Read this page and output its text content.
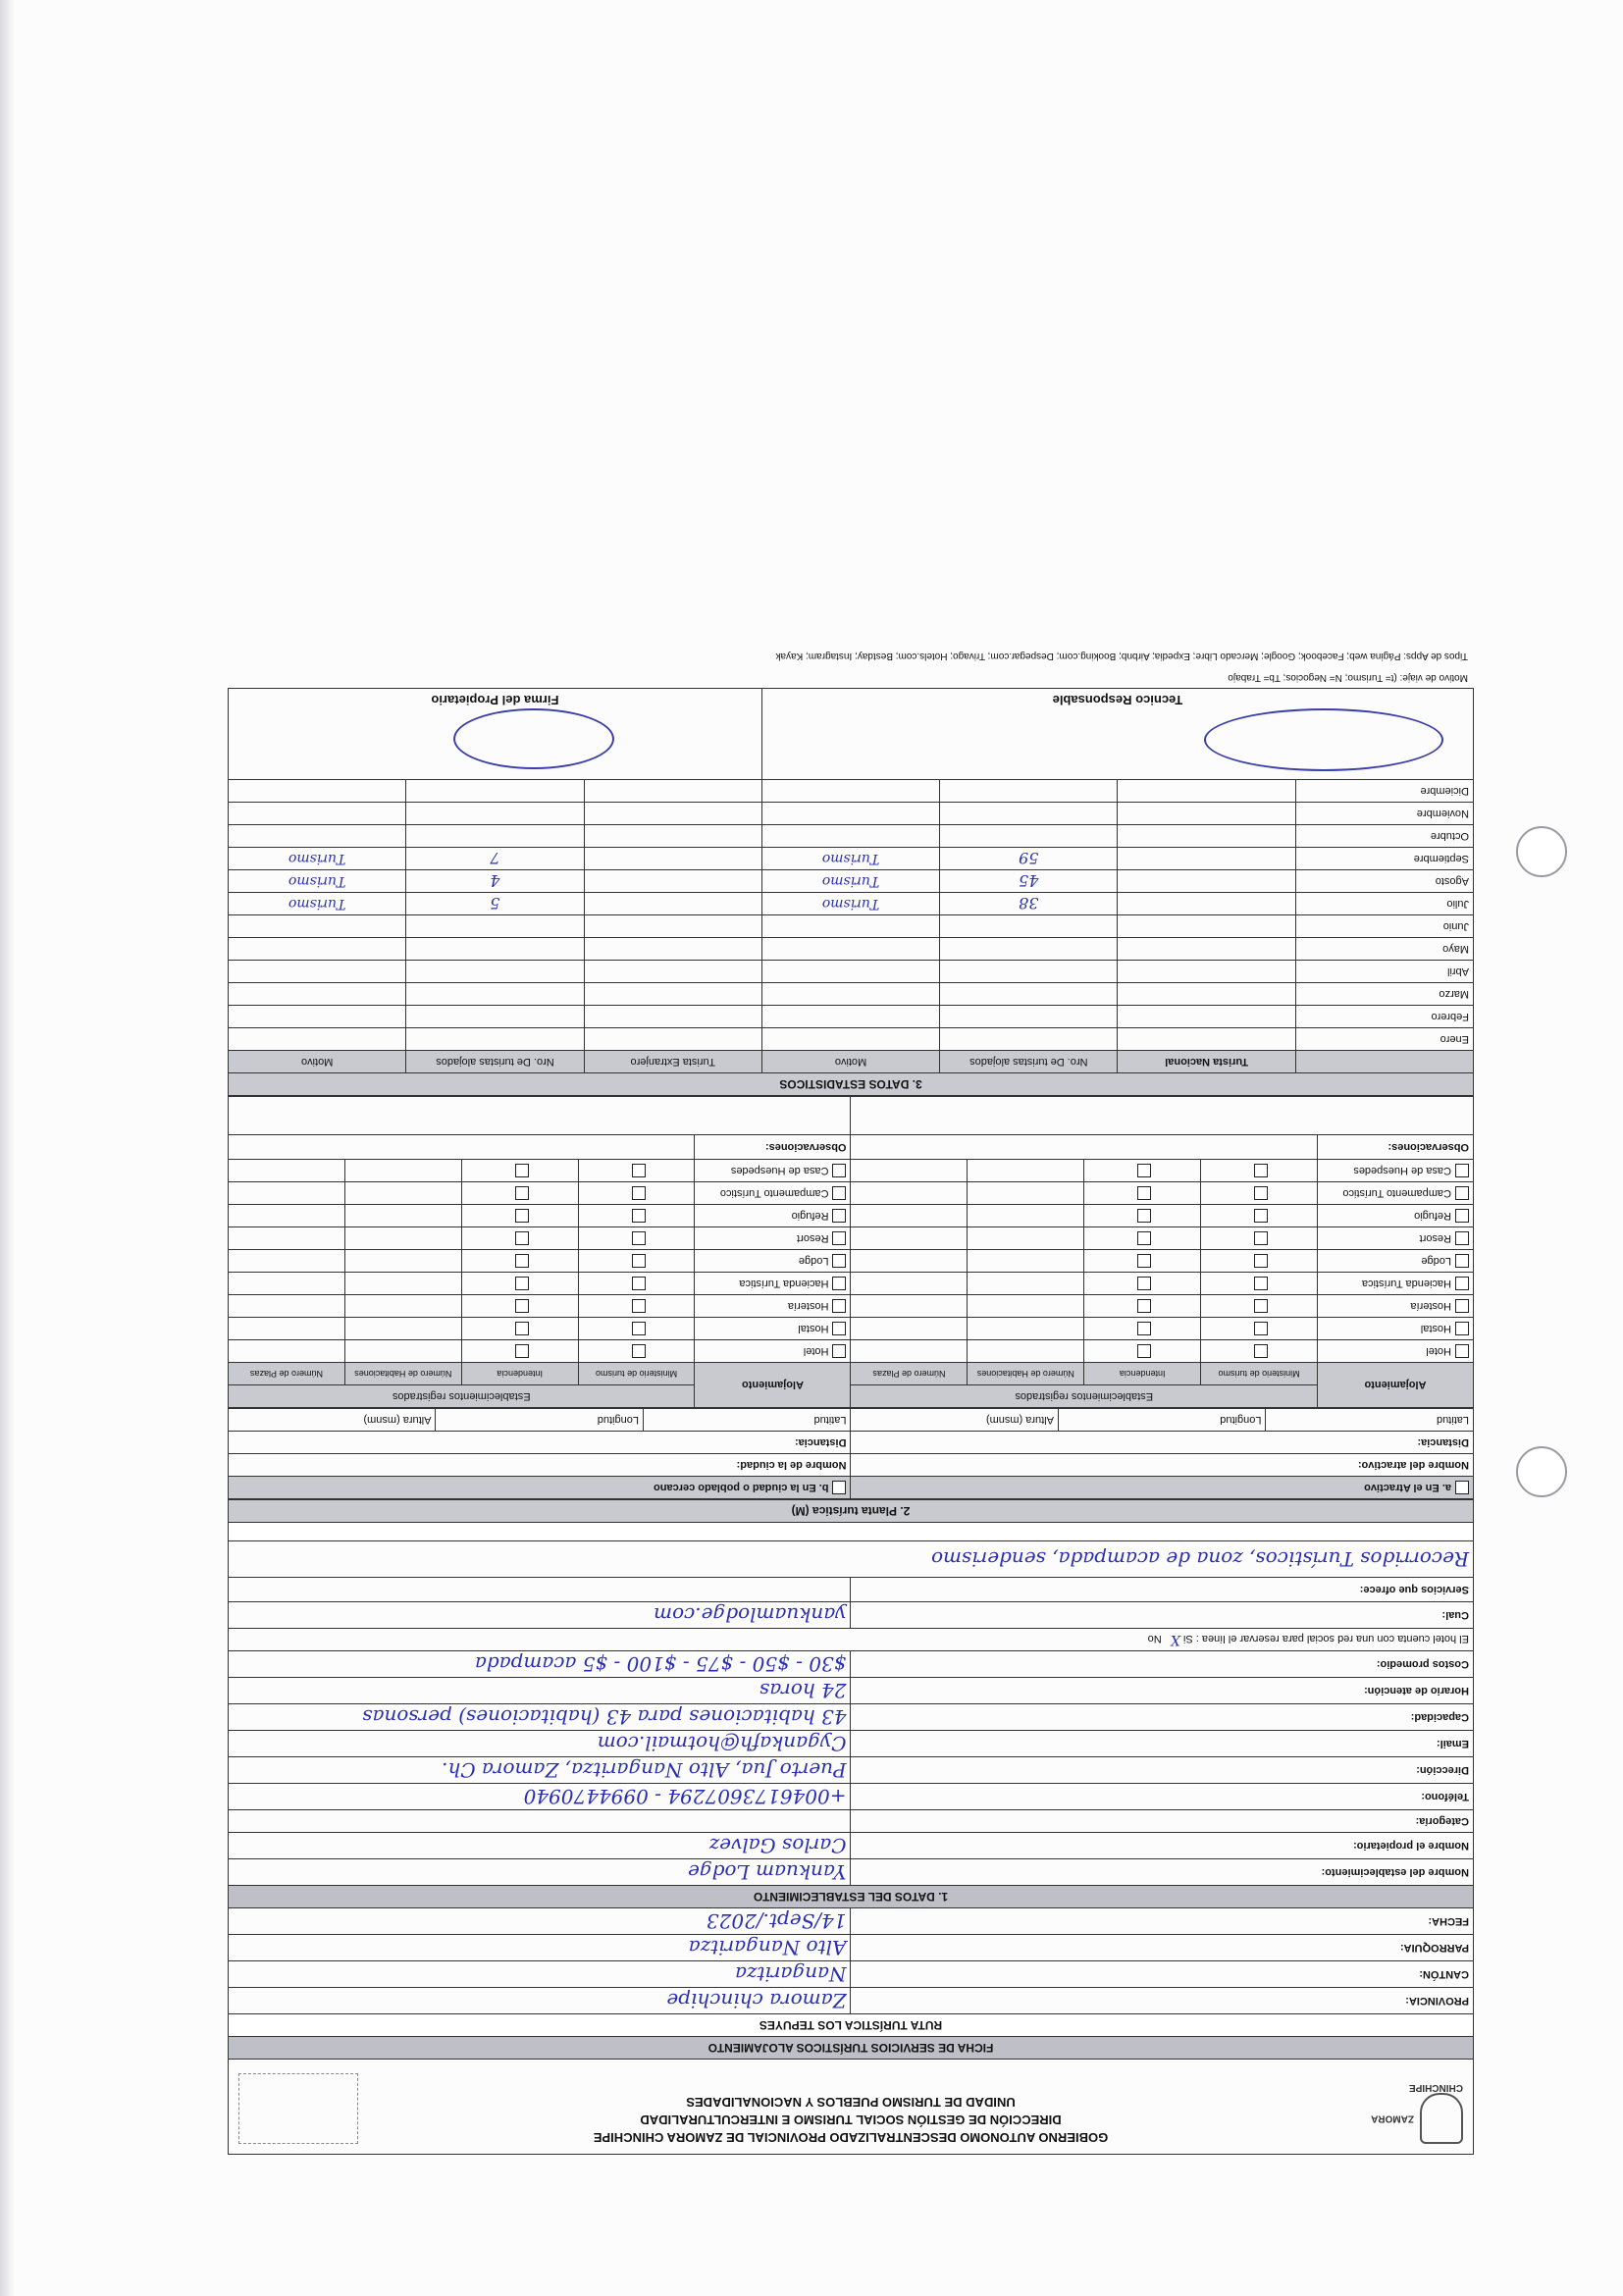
ZAMORA CHINCHIPE
GOBIERNO AUTONOMO DESCENTRALIZADO PROVINCIAL DE ZAMORA CHINCHIPE
DIRECCIÓN DE GESTIÓN SOCIAL TURISMO E INTERCULTURALIDAD
UNIDAD DE TURISMO PUEBLOS Y NACIONALIDADES
FICHA DE SERVICIOS TURÍSTICOS ALOJAMIENTO	
RUTA TURÍSTICA LOS TEPUYES	
PROVINCIA:	Zamora chinchipe
CANTÓN:	Nangaritza
PARROQUIA:	Alto Nangaritza
FECHA:	14/Sept./2023
1. DATOS DEL ESTABLECIMIENTO	
Nombre del establecimiento:	Yankuam Lodge
Nombre el propietario:	Carlos Galvez
Categoría:	
Teléfono:	+0046173607294 - 0994470940
Dirección:	Puerto Jua, Alto Nangaritza, Zamora Ch.
Email:	Cygankafh@hotmail.com
Capacidad:	43 habitaciones para 43 (habitaciones) personas
Horario de atención:	24 horas
Costos promedio:	$30 - $50 - $75 - $100 - $5 acampada
El hotel cuenta con una red social para reservar el línea : Si X   No	
Cual:	yankuamlodge.com
Servicios que ofrece:	
Recorridos Turísticos, zona de acampada, senderismo	

2. Planta turística (M)	
a. En el Atractivo			b. En la ciudad o poblado cercano		
Nombre del atractivo:			Nombre de la ciudad:		
Distancia:			Distancia:		
Latitud	Longitud	Altura (msnm)	Latitud	Longitud	Altura (msnm)
Alojamiento	Establecimientos registrados				Alojamiento	Establecimientos registrados			
	Ministerio de turismo	Intendencia	Número de Habitaciones	Número de Plazas		Ministerio de turismo	Intendencia	Número de Habitaciones	Número de Plazas
Hotel					Hotel				
Hostal					Hostal				
Hostería					Hostería				
Hacienda Turística					Hacienda Turística				
Lodge					Lodge				
Resort					Resort				
Refugio					Refugio				
Campamento Turístico					Campamento Turístico				
Casa de Huespedes					Casa de Huespedes				
Observaciones:					Observaciones:				

3. DATOS ESTADISTICOS						
	Turista Nacional	Nro. De turistas alojados	Motivo	Turista Extranjero	Nro. De turistas alojados	Motivo
Enero						
Febrero						
Marzo						
Abril						
Mayo						
Junio						
Julio		38	Turismo		5	Turismo
Agosto		45	Turismo		4	Turismo
Septiembre		59	Turismo		7	Turismo
Octubre						
Noviembre						
Diciembre						

Tecnico Responsable				Firma del Propietario		
Motivo de viaje: (t= Turismo; N= Negocios; Tb= Trabajo
Tipos de Apps: Página web; Facebook; Google; Mercado Libre; Expedia; Airbnb; Booking.com; Despegar.com; Trivago; Hotels.com; Bestday; Instagram; Kayak
